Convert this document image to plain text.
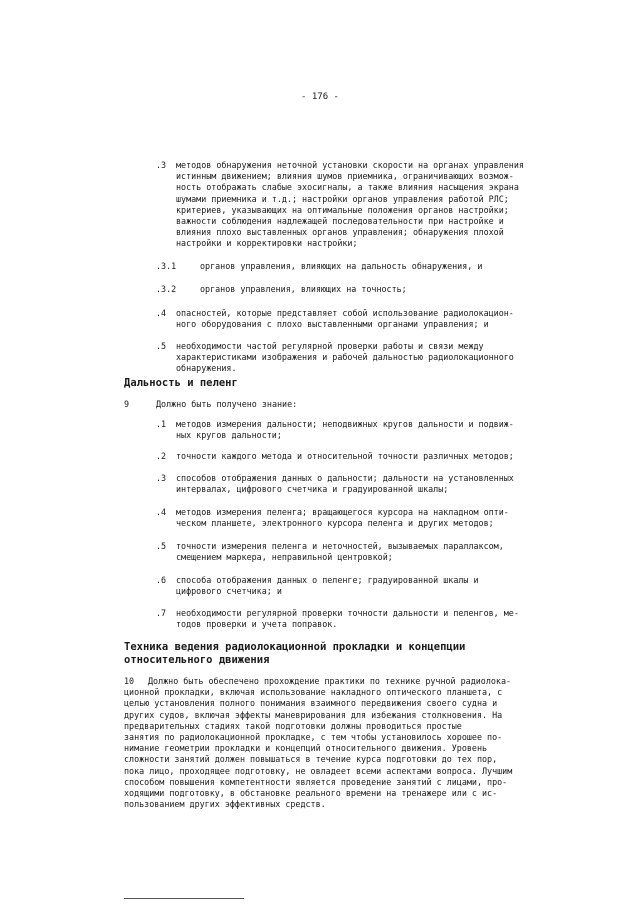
- 176 -
.3 методов обнаружения неточной установки скорости на органах управления
истинным движением; влияния шумов приемника, ограничивающих возмож-
ность отображать слабые эхосигналы, а также влияния насыщения экрана
шумами приемника и т.д.; настройки органов управления работой РЛС;
критериев, указывающих на оптимальные положения органов настройки;
важности соблюдения надлежащей последовательности при настройке и
влияния плохо выставленных органов управления; обнаружения плохой
настройки и корректировки настройки;
.3.1	органов управления, влияющих на дальность обнаружения, и
.3.2	органов управления, влияющих на точность;
.4 опасностей, которые представляет собой использование радиолокацион-
ного оборудования с плохо выставленными органами управления; и
.5 необходимости частой регулярной проверки работы и связи между
характеристиками изображения и рабочей дальностью радиолокационного
обнаружения.
Дальность и пеленг
9	Должно быть получено знание:
.1 методов измерения дальности; неподвижных кругов дальности и подвиж-
ных кругов дальности;
.2 точности каждого метода и относительной точности различных методов;
.3 способов отображения данных о дальности; дальности на установленных
интервалах, цифрового счетчика и градуированной шкалы;
.4 методов измерения пеленга; вращающегося курсора на накладном опти-
ческом планшете, электронного курсора пеленга и других методов;
.5 точности измерения пеленга и неточностей, вызываемых параллаксом,
смещением маркера, неправильной центровкой;
.6 способа отображения данных о пеленге; градуированной шкалы и
цифрового счетчика; и
.7 необходимости регулярной проверки точности дальности и пеленгов, ме-
тодов проверки и учета поправок.
Техника ведения радиолокационной прокладки и концепции
относительного движения

10	Должно быть обеспечено прохождение практики по технике ручной радиолока-
ционной прокладки, включая использование накладного оптического планшета, с
целью установления полного понимания взаимного передвижения своего судна и
других судов, включая эффекты маневрирования для избежания столкновения. На
предварительных стадиях такой подготовки должны проводиться простые
занятия по радиолокационной прокладке, с тем чтобы установилось хорошее по-
нимание геометрии прокладки и концепций относительного движения. Уровень
сложности занятий должен повышаться в течение курса подготовки до тех пор,
пока лицо, проходящее подготовку, не овладеет всеми аспектами вопроса. Лучшим
способом повышения компетентности является проведение занятий с лицами, про-
ходящими подготовку, в обстановке реального времени на тренажере или с ис-
пользованием других эффективных средств.
